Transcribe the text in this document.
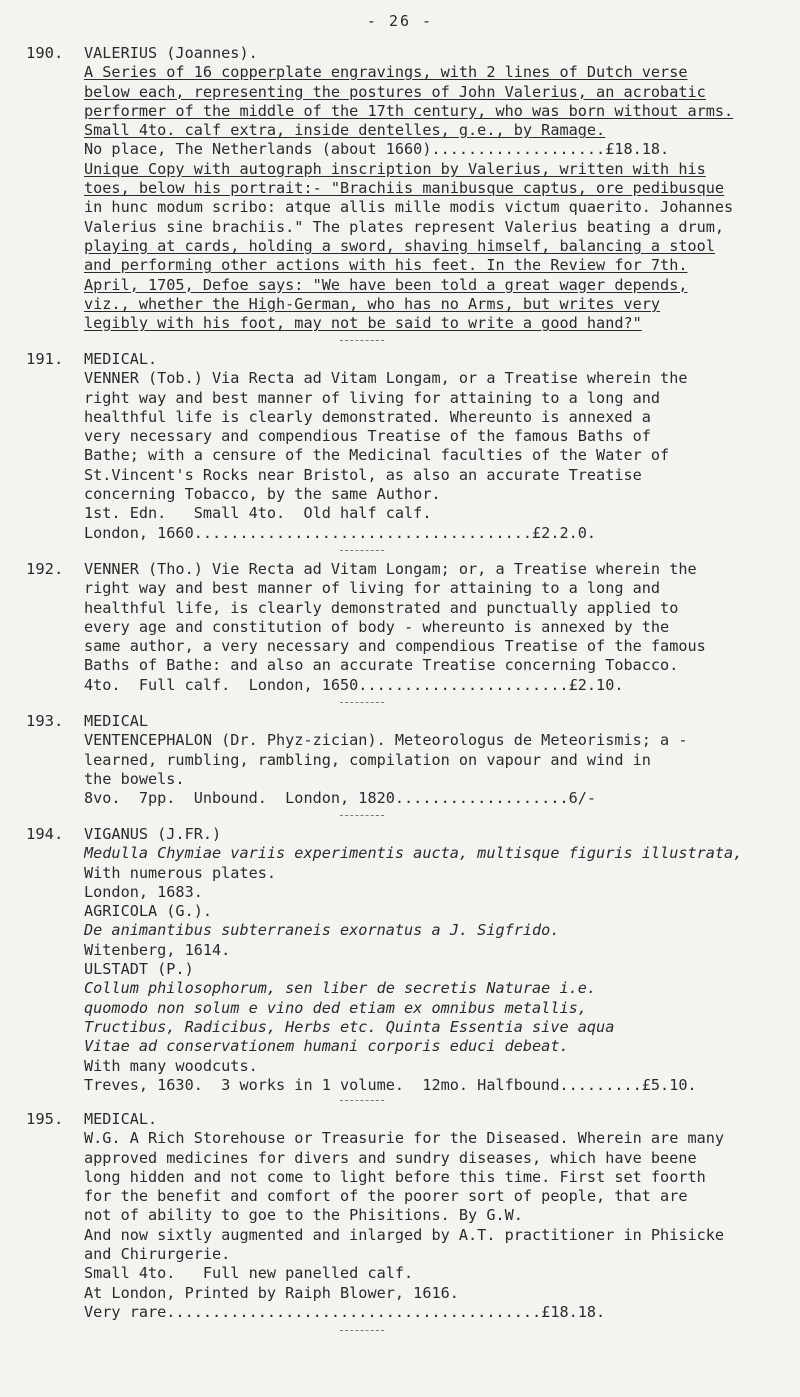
- 26 -
190.	VALERIUS (Joannes).
A Series of 16 copperplate engravings, with 2 lines of Dutch verse
below each, representing the postures of John Valerius, an acrobatic
performer of the middle of the 17th century, who was born without arms.
Small 4to. calf extra, inside dentelles, g.e., by Ramage.
No place, The Netherlands (about 1660)...................£18.18.
Unique Copy with autograph inscription by Valerius, written with his
toes, below his portrait:- "Brachiis manibusque captus, ore pedibusque
in hunc modum scribo: atque allis mille modis victum quaerito. Johannes
Valerius sine brachiis." The plates represent Valerius beating a drum,
playing at cards, holding a sword, shaving himself, balancing a stool
and performing other actions with his feet. In the Review for 7th.
April, 1705, Defoe says: "We have been told a great wager depends,
viz., whether the High-German, who has no Arms, but writes very
legibly with his foot, may not be said to write a good hand?"
191.	MEDICAL.
VENNER (Tob.) Via Recta ad Vitam Longam, or a Treatise wherein the
right way and best manner of living for attaining to a long and
healthful life is clearly demonstrated. Whereunto is annexed a
very necessary and compendious Treatise of the famous Baths of
Bathe; with a censure of the Medicinal faculties of the Water of
St.Vincent's Rocks near Bristol, as also an accurate Treatise
concerning Tobacco, by the same Author.
1st. Edn.   Small 4to.  Old half calf.
London, 1660.....................................£2.2.0.
192.	VENNER (Tho.) Vie Recta ad Vitam Longam; or, a Treatise wherein the
right way and best manner of living for attaining to a long and
healthful life, is clearly demonstrated and punctually applied to
every age and constitution of body - whereunto is annexed by the
same author, a very necessary and compendious Treatise of the famous
Baths of Bathe: and also an accurate Treatise concerning Tobacco.
4to.  Full calf.  London, 1650.......................£2.10.
193.	MEDICAL
VENTENCEPHALON (Dr. Phyz-zician). Meteorologus de Meteorismis; a -
learned, rumbling, rambling, compilation on vapour and wind in
the bowels.
8vo.  7pp.  Unbound.  London, 1820...................6/-
194.	VIGANUS (J.FR.)
Medulla Chymiae variis experimentis aucta, multisque figuris illustrata,
With numerous plates.
London, 1683.
AGRICOLA (G.).
De animantibus subterraneis exornatus a J. Sigfrido.
Witenberg, 1614.
ULSTADT (P.)
Collum philosophorum, sen liber de secretis Naturae i.e.
quomodo non solum e vino ded etiam ex omnibus metallis,
Tructibus, Radicibus, Herbs etc. Quinta Essentia sive aqua
Vitae ad conservationem humani corporis educi debeat.
With many woodcuts.
Treves, 1630.  3 works in 1 volume.  12mo. Halfbound.........£5.10.
195.	MEDICAL.
W.G. A Rich Storehouse or Treasurie for the Diseased. Wherein are many
approved medicines for divers and sundry diseases, which have beene
long hidden and not come to light before this time. First set foorth
for the benefit and comfort of the poorer sort of people, that are
not of ability to goe to the Phisitions. By G.W.
And now sixtly augmented and inlarged by A.T. practitioner in Phisicke
and Chirurgerie.
Small 4to.   Full new panelled calf.
At London, Printed by Raiph Blower, 1616.
Very rare.........................................£18.18.
